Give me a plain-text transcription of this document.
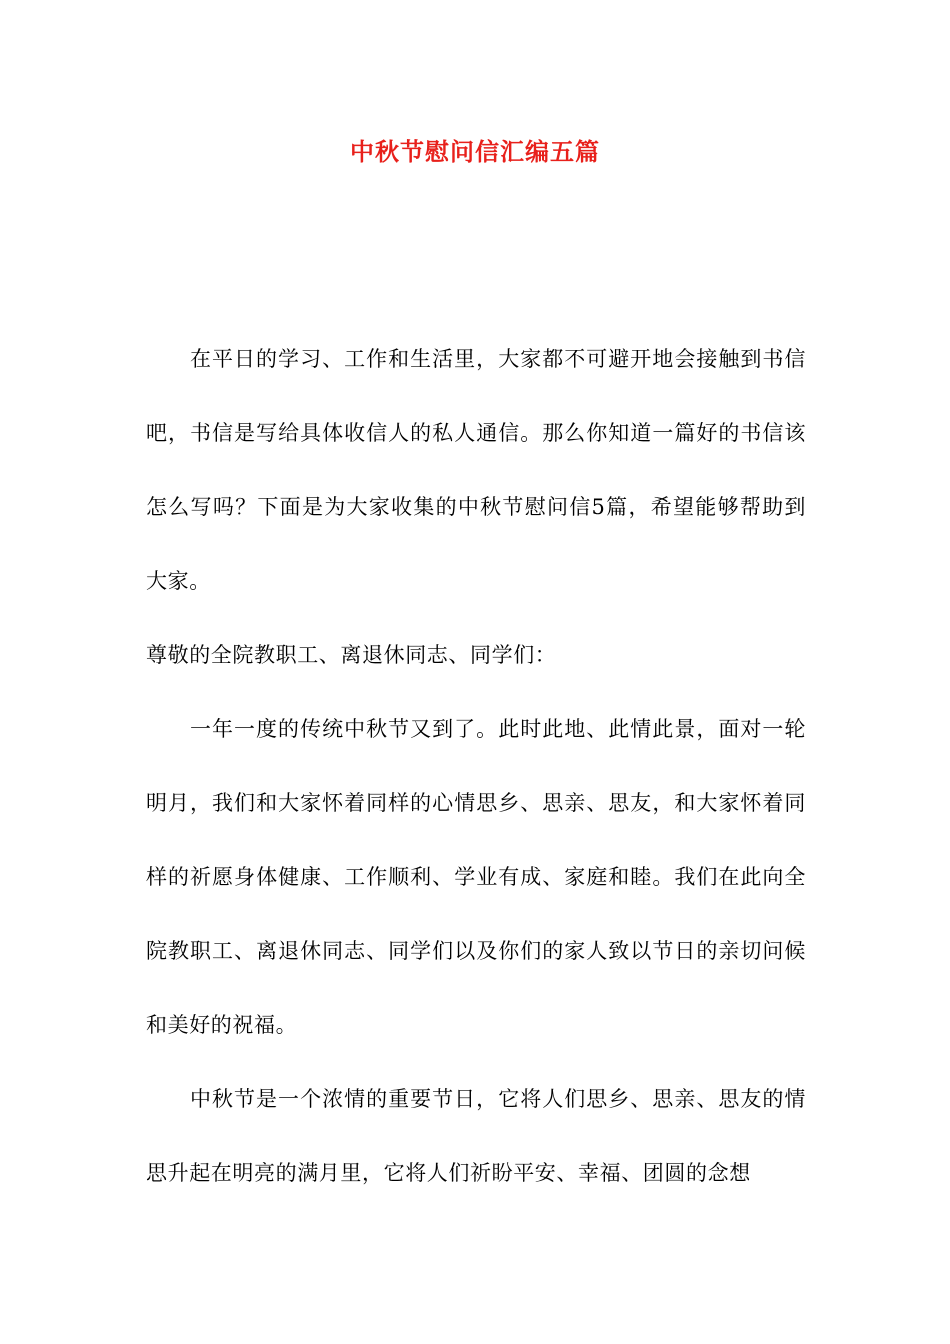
中秋节慰问信汇编五篇

在平日的学习、工作和生活里，大家都不可避开地会接触到书信吧，书信是写给具体收信人的私人通信。那么你知道一篇好的书信该怎么写吗？下面是为大家收集的中秋节慰问信5篇，希望能够帮助到大家。

尊敬的全院教职工、离退休同志、同学们：

一年一度的传统中秋节又到了。此时此地、此情此景，面对一轮明月，我们和大家怀着同样的心情思乡、思亲、思友，和大家怀着同样的祈愿身体健康、工作顺利、学业有成、家庭和睦。我们在此向全院教职工、离退休同志、同学们以及你们的家人致以节日的亲切问候和美好的祝福。

中秋节是一个浓情的重要节日，它将人们思乡、思亲、思友的情思升起在明亮的满月里，它将人们祈盼平安、幸福、团圆的念想
